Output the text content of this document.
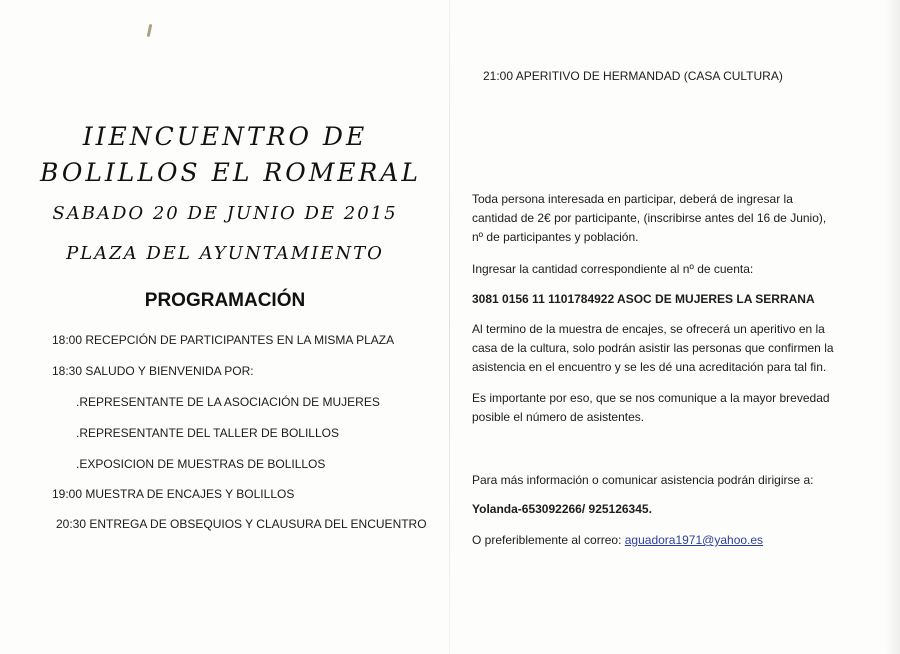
IIENCUENTRO DE
BOLILLOS EL ROMERAL
SABADO 20 DE JUNIO DE 2015
PLAZA DEL AYUNTAMIENTO
PROGRAMACIÓN
18:00 RECEPCIÓN DE PARTICIPANTES EN LA MISMA PLAZA
18:30 SALUDO Y BIENVENIDA POR:
.REPRESENTANTE DE LA ASOCIACIÓN DE MUJERES
.REPRESENTANTE DEL TALLER DE BOLILLOS
.EXPOSICION DE MUESTRAS DE BOLILLOS
19:00 MUESTRA DE ENCAJES Y BOLILLOS
20:30 ENTREGA DE OBSEQUIOS Y CLAUSURA DEL ENCUENTRO
21:00 APERITIVO DE HERMANDAD (CASA CULTURA)
Toda persona interesada en participar, deberá de ingresar la
cantidad de 2€ por participante, (inscribirse antes del 16 de Junio),
nº de participantes y población.
Ingresar la cantidad correspondiente al nº de cuenta:
3081 0156 11 1101784922 ASOC DE MUJERES LA SERRANA
Al termino de la muestra de encajes, se ofrecerá un aperitivo en la
casa de la cultura, solo podrán asistir las personas que confirmen la
asistencia en el encuentro y se les dé una acreditación para tal fin.
Es importante por eso, que se nos comunique a la mayor brevedad
posible el número de asistentes.
Para más información o comunicar asistencia podrán dirigirse a:
Yolanda-653092266/ 925126345.
O preferiblemente al correo: aguadora1971@yahoo.es
